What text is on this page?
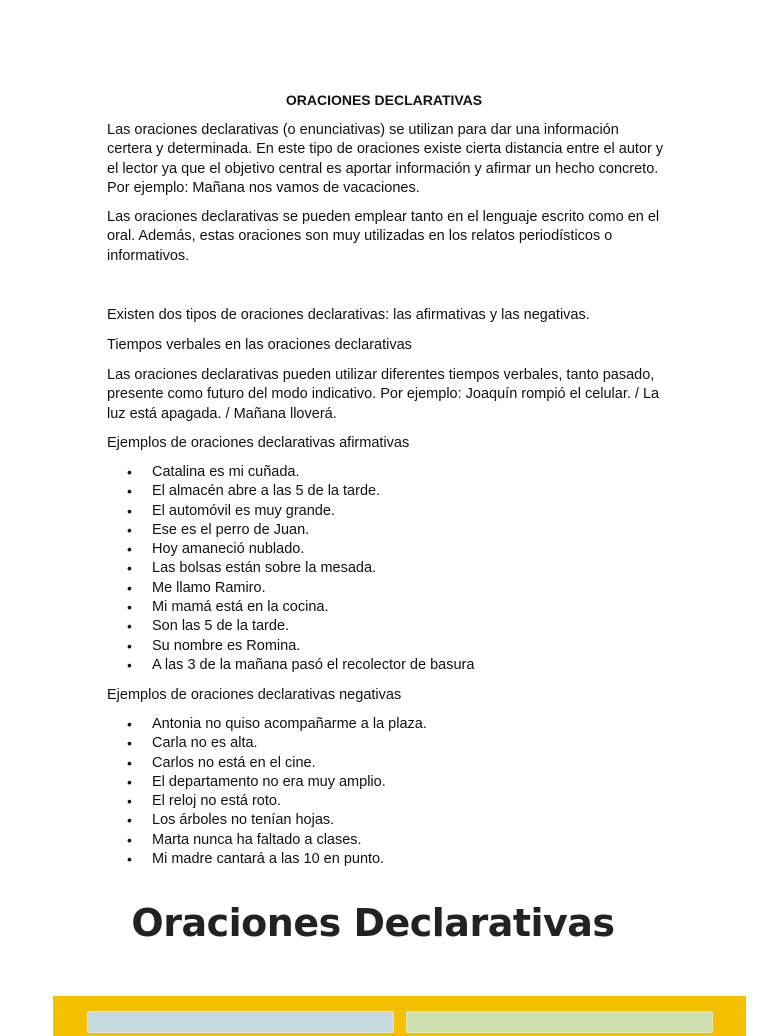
ORACIONES DECLARATIVAS

Las oraciones declarativas (o enunciativas) se utilizan para dar una información certera y determinada. En este tipo de oraciones existe cierta distancia entre el autor y el lector ya que el objetivo central es aportar información y afirmar un hecho concreto. Por ejemplo: Mañana nos vamos de vacaciones.

Las oraciones declarativas se pueden emplear tanto en el lenguaje escrito como en el oral. Además, estas oraciones son muy utilizadas en los relatos periodísticos o informativos.

Existen dos tipos de oraciones declarativas: las afirmativas y las negativas.

Tiempos verbales en las oraciones declarativas

Las oraciones declarativas pueden utilizar diferentes tiempos verbales, tanto pasado, presente como futuro del modo indicativo. Por ejemplo: Joaquín rompió el celular. / La luz está apagada. / Mañana lloverá.

Ejemplos de oraciones declarativas afirmativas

• Catalina es mi cuñada.
• El almacén abre a las 5 de la tarde.
• El automóvil es muy grande.
• Ese es el perro de Juan.
• Hoy amaneció nublado.
• Las bolsas están sobre la mesada.
• Me llamo Ramiro.
• Mi mamá está en la cocina.
• Son las 5 de la tarde.
• Su nombre es Romina.
• A las 3 de la mañana pasó el recolector de basura

Ejemplos de oraciones declarativas negativas

• Antonia no quiso acompañarme a la plaza.
• Carla no es alta.
• Carlos no está en el cine.
• El departamento no era muy amplio.
• El reloj no está roto.
• Los árboles no tenían hojas.
• Marta nunca ha faltado a clases.
• Mi madre cantará a las 10 en punto.
Oraciones Declarativas
